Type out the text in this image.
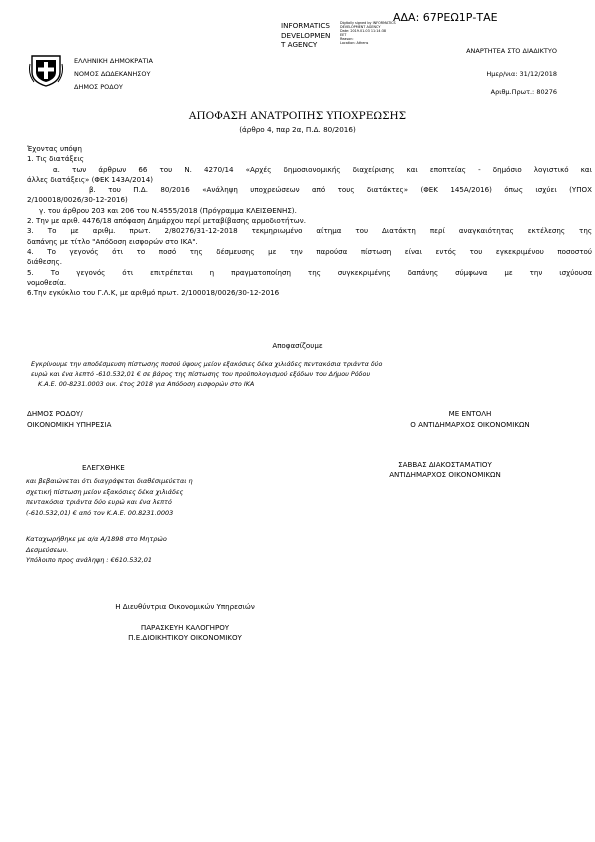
ΑΔΑ: 67ΡΕΩ1Ρ-ΤΑΕ
INFORMATICS
DEVELOPMEN
T AGENCY
Digitally signed by INFORMATICS
DEVELOPMENT AGENCY
Date: 2019.01.03 11:14:38
EET
Reason:
Location: Athens
ΕΛΛΗΝΙΚΗ ΔΗΜΟΚΡΑΤΙΑ
ΝΟΜΟΣ ΔΩΔΕΚΑΝΗΣΟΥ
ΔΗΜΟΣ ΡΟΔΟΥ
ΑΝΑΡΤΗΤΕΑ ΣΤΟ ΔΙΑΔΙΚΤΥΟ
Ημερ/νια: 31/12/2018
Αριθμ.Πρωτ.: 80276
ΑΠΟΦΑΣΗ ΑΝΑΤΡΟΠΗΣ ΥΠΟΧΡΕΩΣΗΣ
(άρθρο 4, παρ 2α, Π.Δ. 80/2016)

Έχοντας υπόψη

1. Τις διατάξεις

α. των άρθρων 66 του Ν. 4270/14 «Αρχές δημοσιονομικής διαχείρισης και εποπτείας - δημόσιο λογιστικό και

άλλες διατάξεις» (ΦΕΚ 143Α/2014)

β. του Π.Δ. 80/2016 «Ανάληψη υποχρεώσεων από τους διατάκτες» (ΦΕΚ 145Α/2016) όπως ισχύει (ΥΠΟΧ

2/100018/0026/30-12-2016)

γ. του άρθρου 203 και 206 του Ν.4555/2018 (Πρόγραμμα ΚΛΕΙΣΘΕΝΗΣ).

2. Την με αριθ. 4476/18 απόφαση Δημάρχου περί μεταβίβασης αρμοδιοτήτων.

3. Το με αριθμ. πρωτ. 2/80276/31-12-2018 τεκμηριωμένο αίτημα του Διατάκτη περί αναγκαιότητας εκτέλεσης της

δαπάνης με τίτλο "Απόδοση εισφορών στο ΙΚΑ".

4. Το γεγονός ότι το ποσό της δέσμευσης με την παρούσα πίστωση είναι εντός του εγκεκριμένου ποσοστού

διάθεσης.

5. Το γεγονός ότι επιτρέπεται η πραγματοποίηση της συγκεκριμένης δαπάνης σύμφωνα με την ισχύουσα

νομοθεσία.

6.Την εγκύκλιο του Γ.Λ.Κ, με αριθμό πρωτ. 2/100018/0026/30-12-2016

Αποφασίζουμε

Εγκρίνουμε την αποδέσμευση πίστωσης ποσού ύψους μείον εξακόσιες δέκα χιλιάδες πεντακόσια τριάντα δύο

ευρώ και ένα λεπτό -610.532,01 € σε βάρος της πίστωσης του προϋπολογισμού εξόδων του Δήμου Ρόδου

Κ.Α.Ε. 00-8231.0003 οικ. έτος 2018 για Απόδοση εισφορών στο ΙΚΑ

ΔΗΜΟΣ ΡΟΔΟΥ/

ΟΙΚΟΝΟΜΙΚΗ ΥΠΗΡΕΣΙΑ

ΜΕ ΕΝΤΟΛΗ

Ο ΑΝΤΙΔΗΜΑΡΧΟΣ ΟΙΚΟΝΟΜΙΚΩΝ

ΕΛΕΓΧΘΗΚΕ

και βεβαιώνεται ότι διαγράφεται διαθέσιμεύεται η

σχετική πίστωση μείον εξακόσιες δέκα χιλιάδες

πεντακόσια τριάντα δύο ευρώ και ένα λεπτό

(-610.532,01) € από τον Κ.Α.Ε. 00.8231.0003

ΣΑΒΒΑΣ ΔΙΑΚΟΣΤΑΜΑΤΙΟΥ

ΑΝΤΙΔΗΜΑΡΧΟΣ ΟΙΚΟΝΟΜΙΚΩΝ

Καταχωρήθηκε με α/α Α/1898 στο Μητρώο

Δεσμεύσεων.

Υπόλοιπο προς ανάληψη : €610.532,01

Η Διευθύντρια Οικονομικών Υπηρεσιών

ΠΑΡΑΣΚΕΥΗ ΚΑΛΟΓΗΡΟΥ

Π.Ε.ΔΙΟΙΚΗΤΙΚΟΥ ΟΙΚΟΝΟΜΙΚΟΥ
